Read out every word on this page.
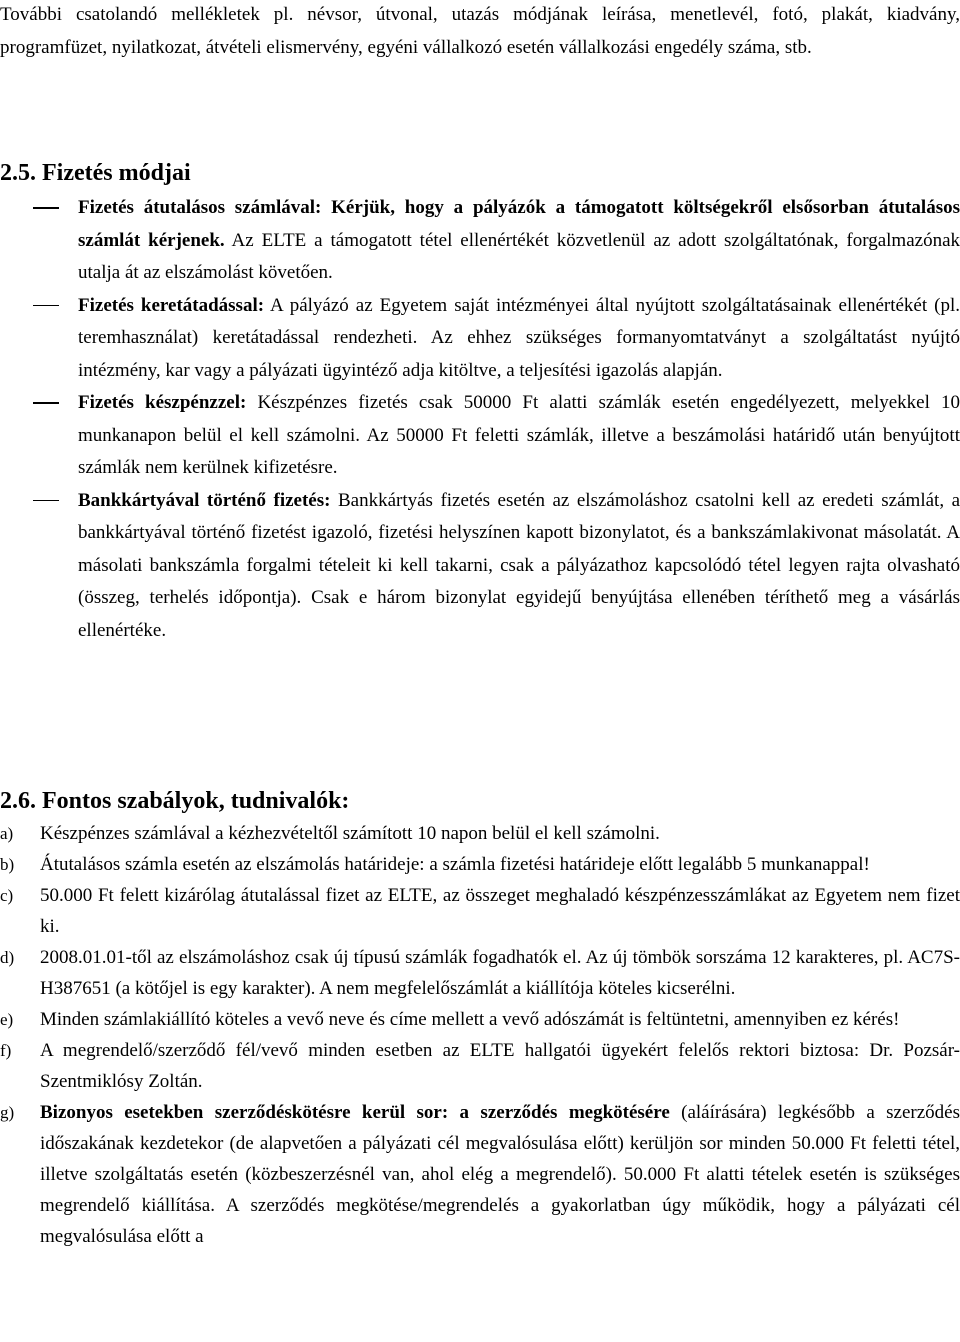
További csatolandó mellékletek pl. névsor, útvonal, utazás módjának leírása, menetlevél, fotó, plakát, kiadvány, programfüzet, nyilatkozat, átvételi elismervény, egyéni vállalkozó esetén vállalkozási engedély száma, stb.

2.5. Fizetés módjai

Fizetés átutalásos számlával: Kérjük, hogy a pályázók a támogatott költségekről elsősorban átutalásos számlát kérjenek. Az ELTE a támogatott tétel ellenértékét közvetlenül az adott szolgáltatónak, forgalmazónak utalja át az elszámolást követően.
Fizetés keretátadással: A pályázó az Egyetem saját intézményei által nyújtott szolgáltatásainak ellenértékét (pl. teremhasználat) keretátadással rendezheti. Az ehhez szükséges formanyomtatványt a szolgáltatást nyújtó intézmény, kar vagy a pályázati ügyintéző adja kitöltve, a teljesítési igazolás alapján.
Fizetés készpénzzel: Készpénzes fizetés csak 50000 Ft alatti számlák esetén engedélyezett, melyekkel 10 munkanapon belül el kell számolni. Az 50000 Ft feletti számlák, illetve a beszámolási határidő után benyújtott számlák nem kerülnek kifizetésre.
Bankkártyával történő fizetés: Bankkártyás fizetés esetén az elszámoláshoz csatolni kell az eredeti számlát, a bankkártyával történő fizetést igazoló, fizetési helyszínen kapott bizonylatot, és a bankszámlakivonat másolatát. A másolati bankszámla forgalmi tételeit ki kell takarni, csak a pályázathoz kapcsolódó tétel legyen rajta olvasható (összeg, terhelés időpontja). Csak e három bizonylat egyidejű benyújtása ellenében téríthető meg a vásárlás ellenértéke.

2.6. Fontos szabályok, tudnivalók:

a) Készpénzes számlával a kézhezvételtől számított 10 napon belül el kell számolni.
b) Átutalásos számla esetén az elszámolás határideje: a számla fizetési határideje előtt legalább 5 munkanappal!
c) 50.000 Ft felett kizárólag átutalással fizet az ELTE, az összeget meghaladó készpénzesszámlákat az Egyetem nem fizet ki.
d) 2008.01.01-től az elszámoláshoz csak új típusú számlák fogadhatók el. Az új tömbök sorszáma 12 karakteres, pl. AC7S-H387651 (a kötőjel is egy karakter). A nem megfelelőszámlát a kiállítója köteles kicserélni.
e) Minden számlakiállító köteles a vevő neve és címe mellett a vevő adószámát is feltüntetni, amennyiben ez kérés!
f) A megrendelő/szerződő fél/vevő minden esetben az ELTE hallgatói ügyekért felelős rektori biztosa: Dr. Pozsár-Szentmiklósy Zoltán.
g) Bizonyos esetekben szerződéskötésre kerül sor: a szerződés megkötésére (aláírására) legkésőbb a szerződés időszakának kezdetekor (de alapvetően a pályázati cél megvalósulása előtt) kerüljön sor minden 50.000 Ft feletti tétel, illetve szolgáltatás esetén (közbeszerzésnél van, ahol elég a megrendelő). 50.000 Ft alatti tételek esetén is szükséges megrendelő kiállítása. A szerződés megkötése/megrendelés a gyakorlatban úgy működik, hogy a pályázati cél megvalósulása előtt a
